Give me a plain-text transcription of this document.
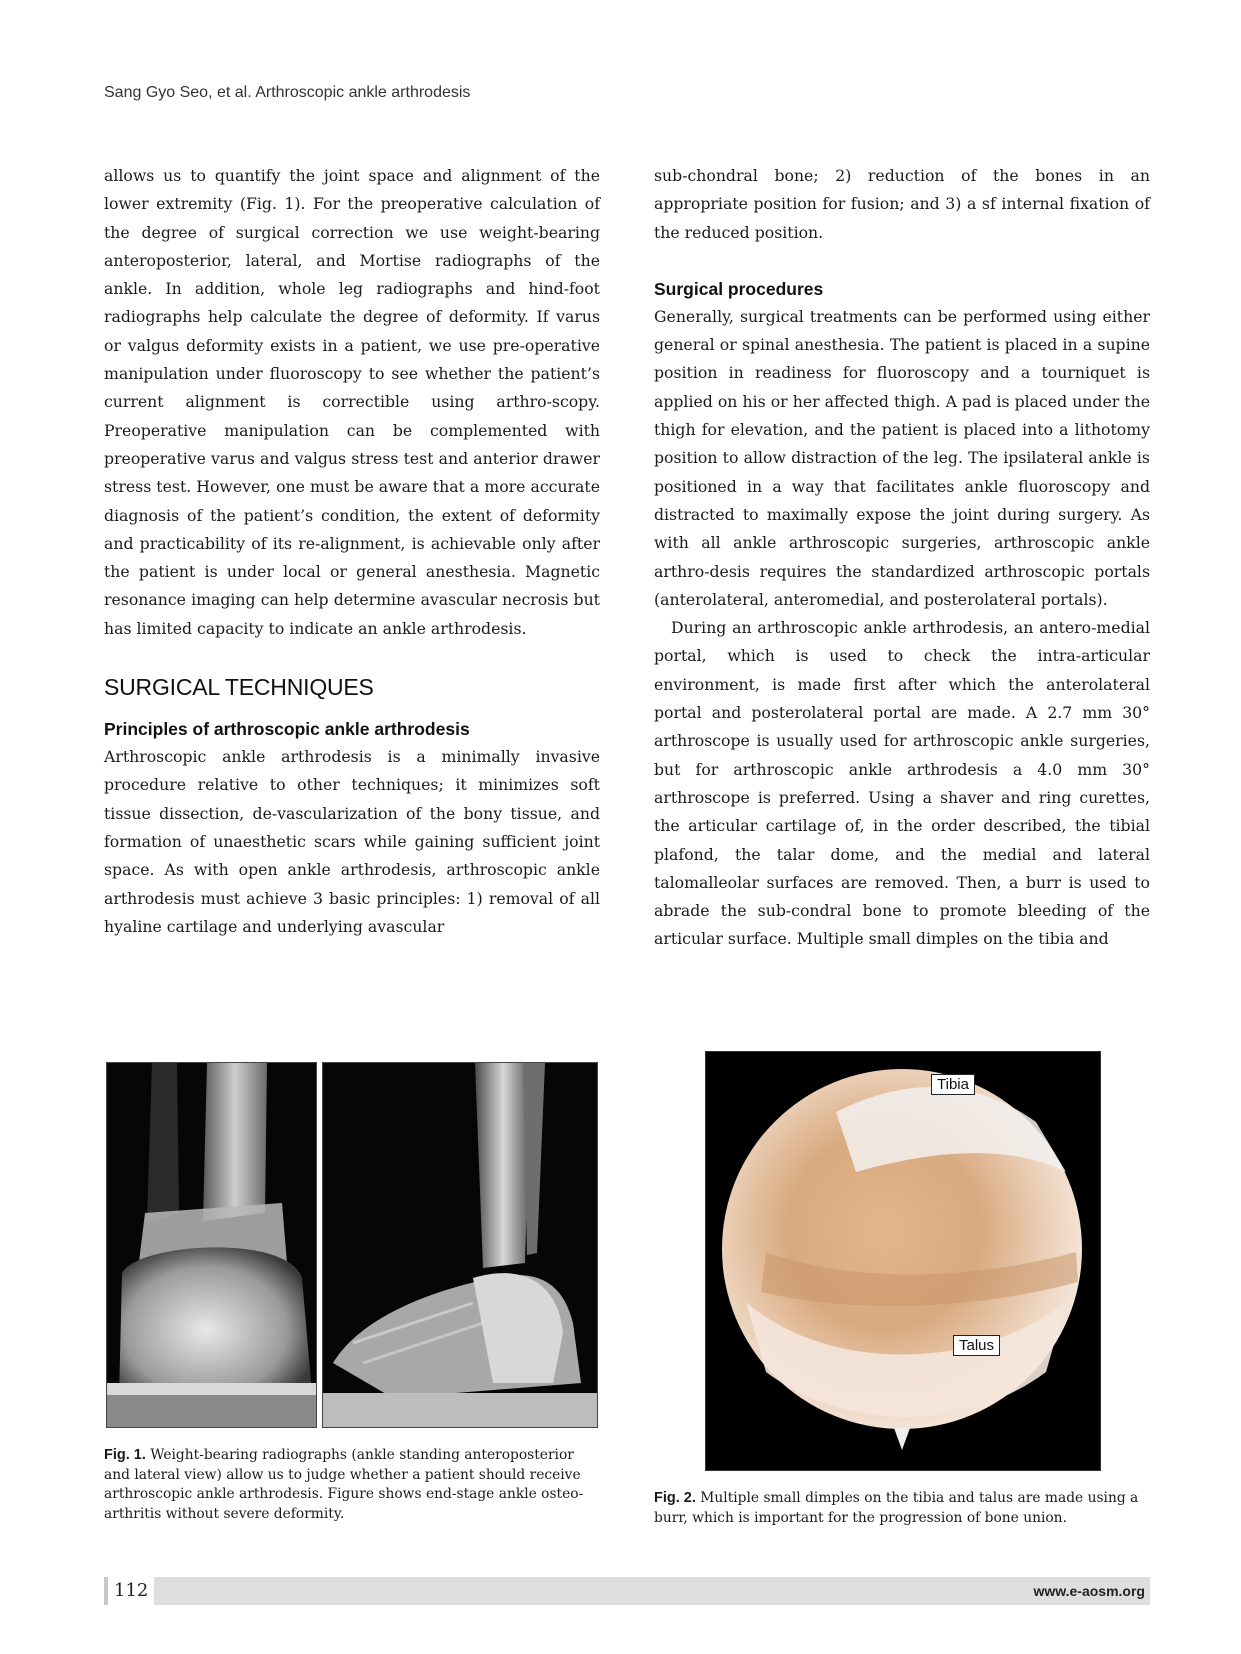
Sang Gyo Seo, et al. Arthroscopic ankle arthrodesis

allows us to quantify the joint space and alignment of the lower extremity (Fig. 1). For the preoperative calculation of the degree of surgical correction we use weight-bearing anteroposterior, lateral, and Mortise radiographs of the ankle. In addition, whole leg radiographs and hind-foot radiographs help calculate the degree of deformity. If varus or valgus deformity exists in a patient, we use pre-operative manipulation under fluoroscopy to see whether the patient’s current alignment is correctible using arthro-scopy. Preoperative manipulation can be complemented with preoperative varus and valgus stress test and anterior drawer stress test. However, one must be aware that a more accurate diagnosis of the patient’s condition, the extent of deformity and practicability of its re-alignment, is achievable only after the patient is under local or general anesthesia. Magnetic resonance imaging can help determine avascular necrosis but has limited capacity to indicate an ankle arthrodesis.

SURGICAL TECHNIQUES
Principles of arthroscopic ankle arthrodesis

Arthroscopic ankle arthrodesis is a minimally invasive procedure relative to other techniques; it minimizes soft tissue dissection, de-vascularization of the bony tissue, and formation of unaesthetic scars while gaining sufficient joint space. As with open ankle arthrodesis, arthroscopic ankle arthrodesis must achieve 3 basic principles: 1) removal of all hyaline cartilage and underlying avascular

sub-chondral bone; 2) reduction of the bones in an appropriate position for fusion; and 3) a sf internal fixation of the reduced position.

Surgical procedures

Generally, surgical treatments can be performed using either general or spinal anesthesia. The patient is placed in a supine position in readiness for fluoroscopy and a tourniquet is applied on his or her affected thigh. A pad is placed under the thigh for elevation, and the patient is placed into a lithotomy position to allow distraction of the leg. The ipsilateral ankle is positioned in a way that facilitates ankle fluoroscopy and distracted to maximally expose the joint during surgery. As with all ankle arthroscopic surgeries, arthroscopic ankle arthro-desis requires the standardized arthroscopic portals (anterolateral, anteromedial, and posterolateral portals).

During an arthroscopic ankle arthrodesis, an antero-medial portal, which is used to check the intra-articular environment, is made first after which the anterolateral portal and posterolateral portal are made. A 2.7 mm 30° arthroscope is usually used for arthroscopic ankle surgeries, but for arthroscopic ankle arthrodesis a 4.0 mm 30° arthroscope is preferred. Using a shaver and ring curettes, the articular cartilage of, in the order described, the tibial plafond, the talar dome, and the medial and lateral talomalleolar surfaces are removed. Then, a burr is used to abrade the sub-condral bone to promote bleeding of the articular surface. Multiple small dimples on the tibia and

Tibia
Talus
Fig. 1. Weight-bearing radiographs (ankle standing anteroposterior and lateral view) allow us to judge whether a patient should receive arthroscopic ankle arthrodesis. Figure shows end-stage ankle osteo-arthritis without severe deformity.
Fig. 2. Multiple small dimples on the tibia and talus are made using a burr, which is important for the progression of bone union.
112	www.e-aosm.org
